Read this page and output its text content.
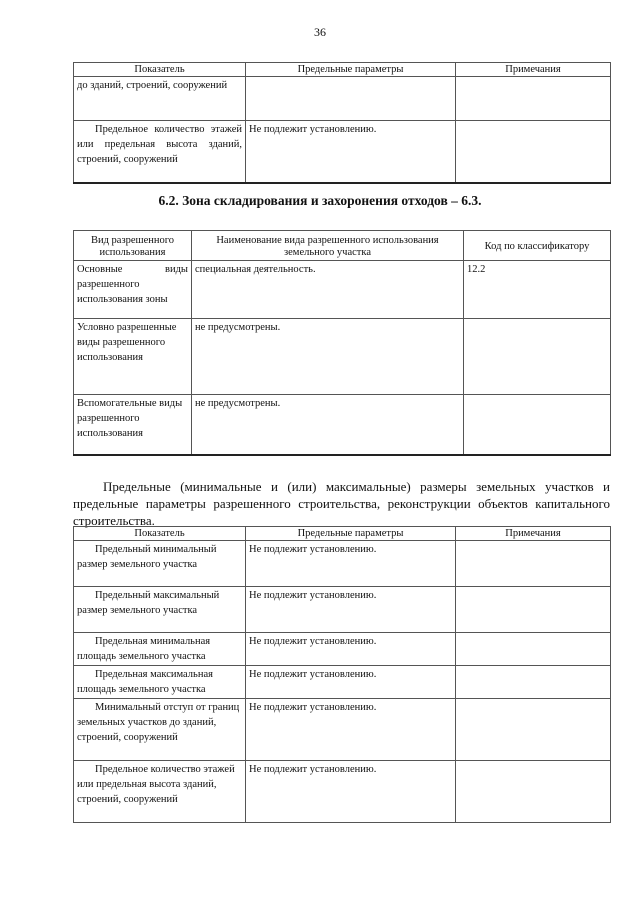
36
Показатель	Предельные параметры	Примечания
до зданий, строений, сооружений		
Предельное количество этажей или предельная высота зданий, строений, сооружений	Не подлежит установлению.	
6.2. Зона складирования и захоронения отходов – 6.3.
Вид разрешенного использования	Наименование вида разрешенного использования земельного участка	Код по классификатору
Основные виды разрешенного использования зоны	специальная деятельность.	12.2
Условно разрешенные виды разрешенного использования	не предусмотрены.	
Вспомогательные виды разрешенного использования	не предусмотрены.	
Предельные (минимальные и (или) максимальные) размеры земельных участков и предельные параметры разрешенного строительства, реконструкции объектов капитального строительства.
Показатель	Предельные параметры	Примечания
Предельный минимальный размер земельного участка	Не подлежит установлению.	
Предельный максимальный размер земельного участка	Не подлежит установлению.	
Предельная минимальная площадь земельного участка	Не подлежит установлению.	
Предельная максимальная площадь земельного участка	Не подлежит установлению.	
Минимальный отступ от границ земельных участков до зданий, строений, сооружений	Не подлежит установлению.	
Предельное количество этажей или предельная высота зданий, строений, сооружений	Не подлежит установлению.	
